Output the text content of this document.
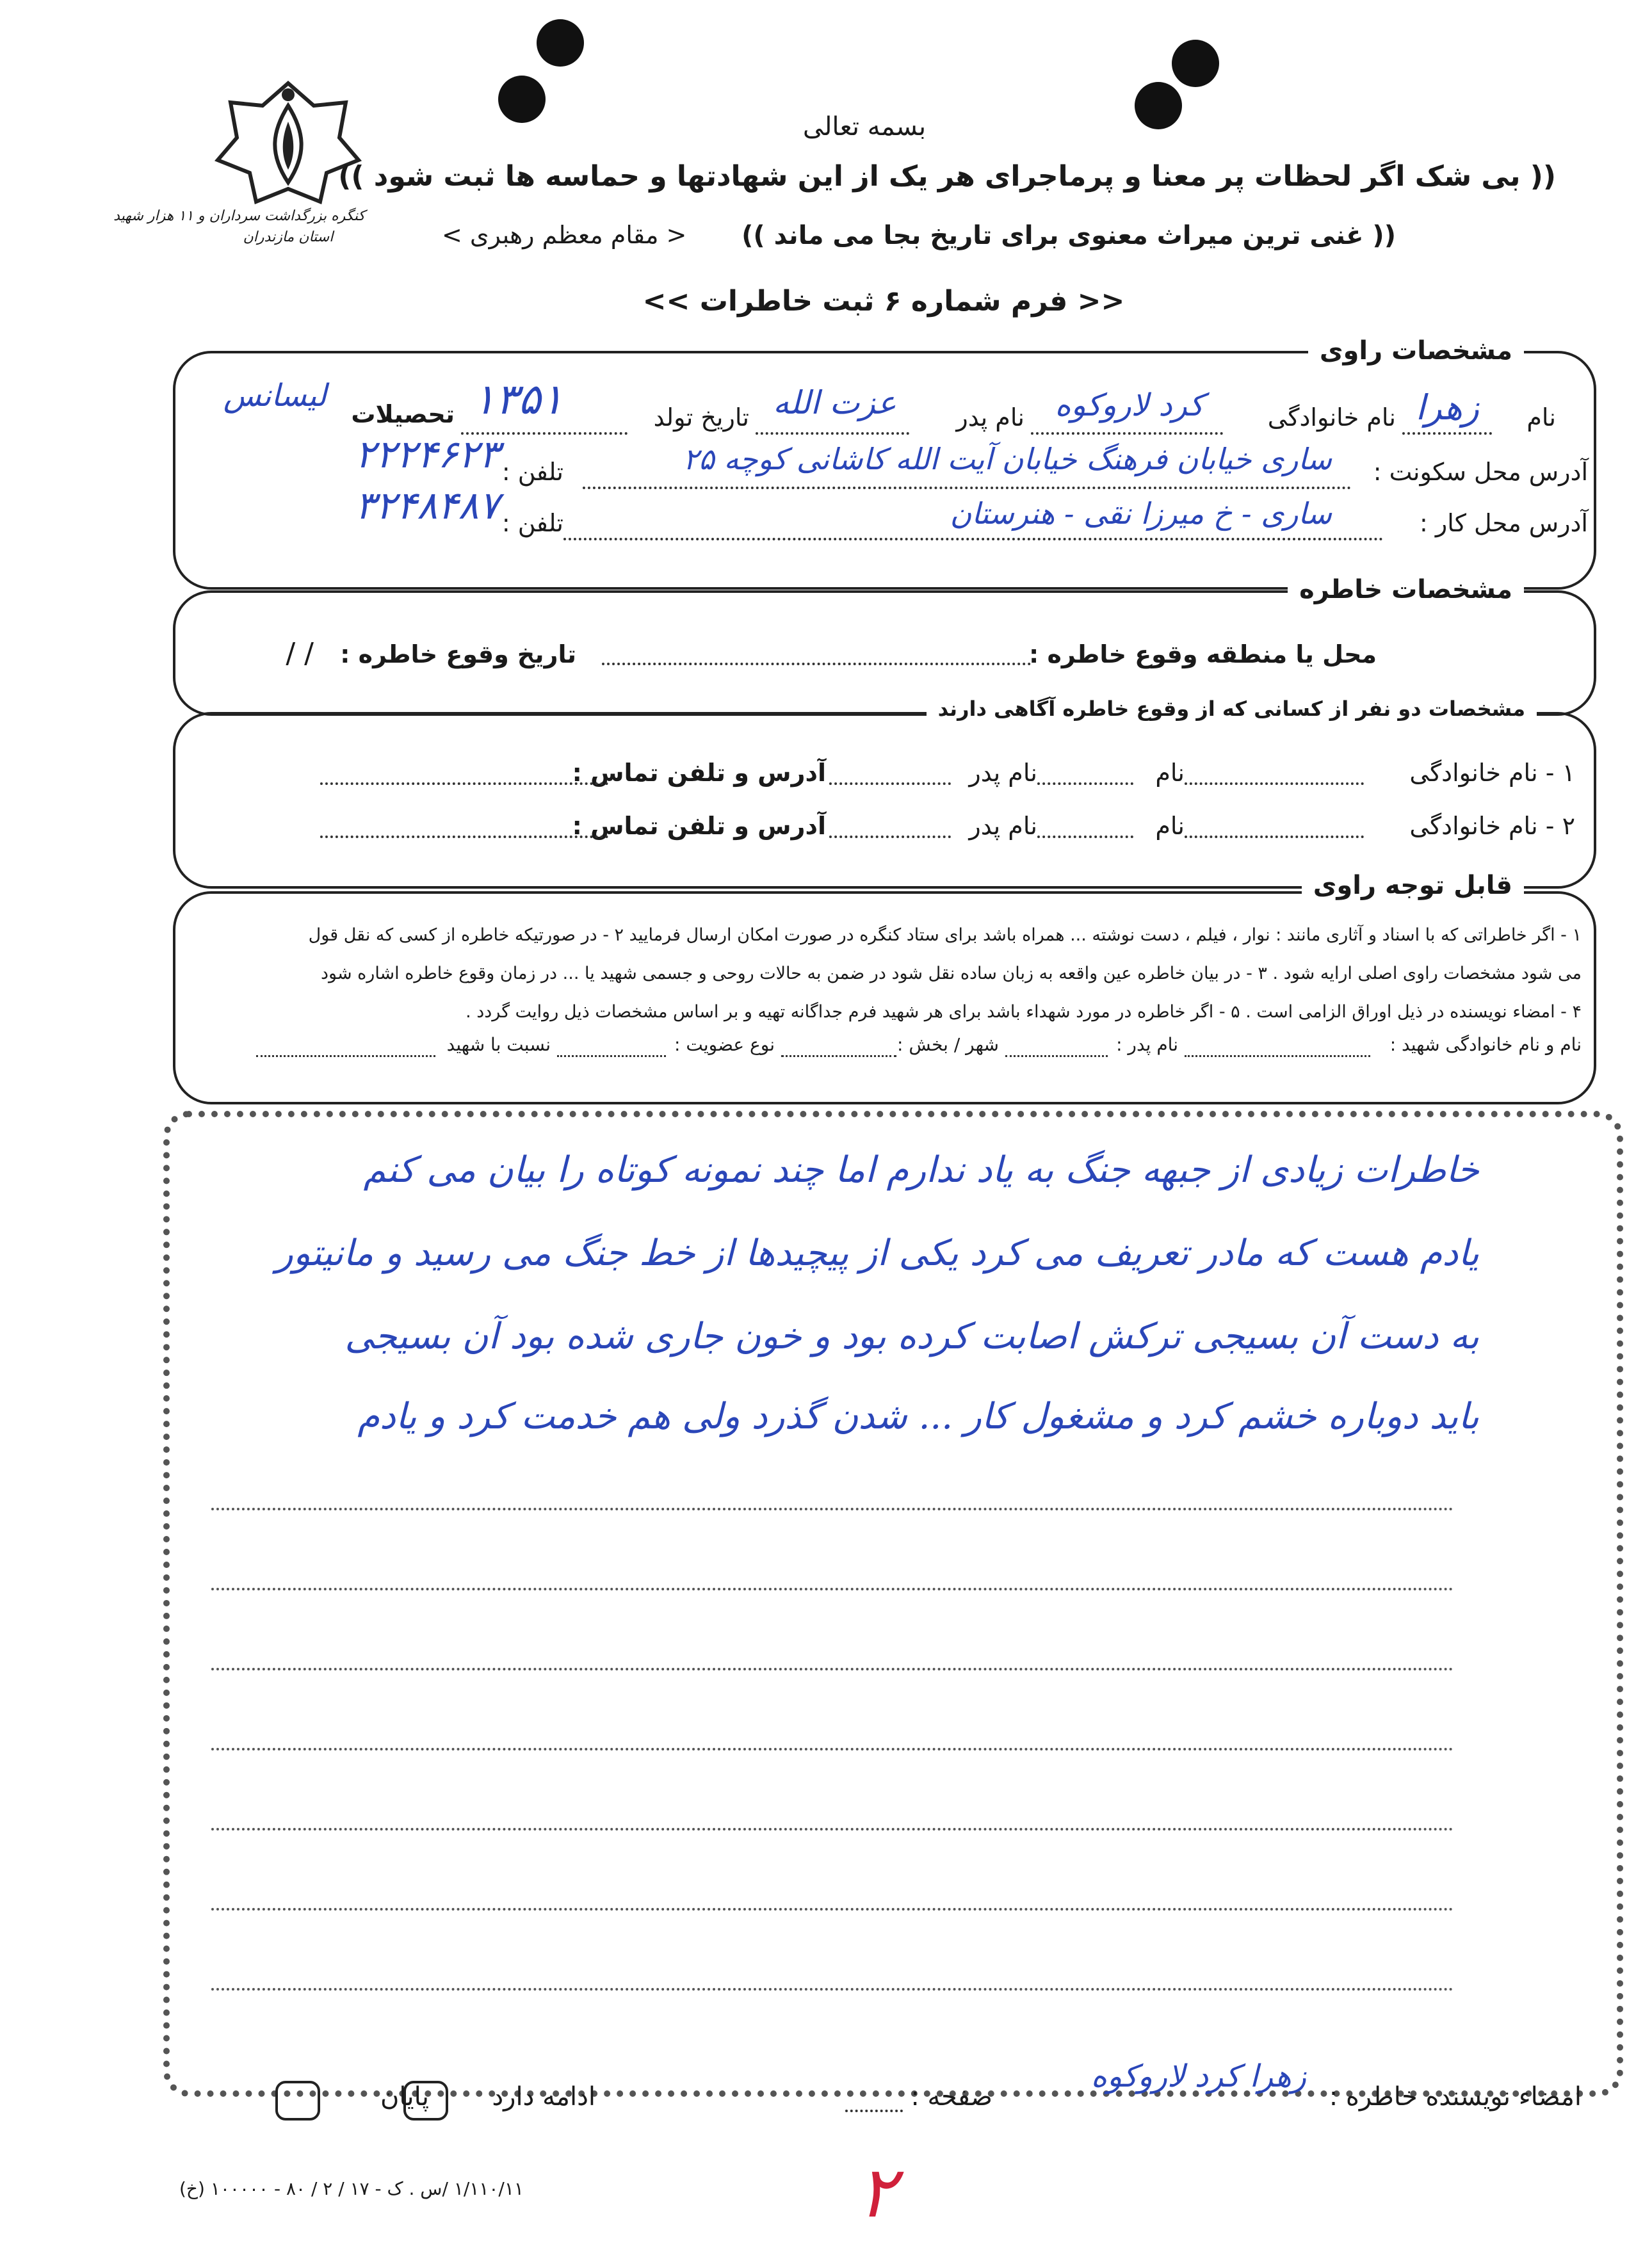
کنگره بزرگداشت سرداران و ۱۱ هزار شهید
استان مازندران
بسمه تعالی
(( بی شک اگر لحظات پر معنا و پرماجرای هر یک از این شهادتها و حماسه ها ثبت شود ))
(( غنی ترین میراث معنوی برای تاریخ بجا می ماند ))
< مقام معظم رهبری >
<< فرم شماره ۶ ثبت خاطرات >>
مشخصات راوی
نام
زهرا
نام خانوادگی
کرد لاروکوه
نام پدر
عزت الله
تاریخ تولد
۱۳۵۱
تحصیلات
لیسانس
آدرس محل سکونت :
ساری خیابان فرهنگ خیابان آیت الله کاشانی کوچه ۲۵
تلفن :
۲۲۲۴۶۲۳
آدرس محل کار :
ساری - خ میرزا نقی - هنرستان
تلفن :
۳۲۴۸۴۸۷
مشخصات خاطره
محل یا منطقه وقوع خاطره :
تاریخ وقوع خاطره :
/ /
مشخصات دو نفر از کسانی که از وقوع خاطره آگاهی دارند
۱ - نام خانوادگی
نام
نام پدر
آدرس و تلفن تماس :
۲ - نام خانوادگی
نام
نام پدر
آدرس و تلفن تماس :
قابل توجه راوی
۱ - اگر خاطراتی که با اسناد و آثاری مانند : نوار ، فیلم ، دست نوشته ... همراه باشد برای ستاد کنگره در صورت امکان ارسال فرمایید ۲ - در صورتیکه خاطره از کسی که نقل قول
می شود مشخصات راوی اصلی ارایه شود . ۳ - در بیان خاطره عین واقعه به زبان ساده نقل شود در ضمن به حالات روحی و جسمی شهید یا ... در زمان وقوع خاطره اشاره شود
۴ - امضاء نویسنده در ذیل اوراق الزامی است . ۵ - اگر خاطره در مورد شهداء باشد برای هر شهید فرم جداگانه تهیه و بر اساس مشخصات ذیل روایت گردد .
نام و نام خانوادگی شهید :
نام پدر :
شهر / بخش :
نوع عضویت :
نسبت با شهید
خاطرات زیادی از جبهه جنگ به یاد ندارم اما چند نمونه کوتاه را بیان می کنم
یادم هست که مادر تعریف می کرد یکی از پیچیدها از خط جنگ می رسید و مانیتور
به دست آن بسیجی ترکش اصابت کرده بود و خون جاری شده بود آن بسیجی
باید دوباره خشم کرد و مشغول کار ... شدن گذرد ولی هم خدمت کرد و یادم
امضاء نویسنده خاطره :
زهرا کرد لاروکوه
صفحه :
ادامه دارد
پایان
۲
۱/۱۱۰/۱۱ /س . ک - ۱۷ / ۲ / ۸۰ - ۱۰۰۰۰۰ (خ)
